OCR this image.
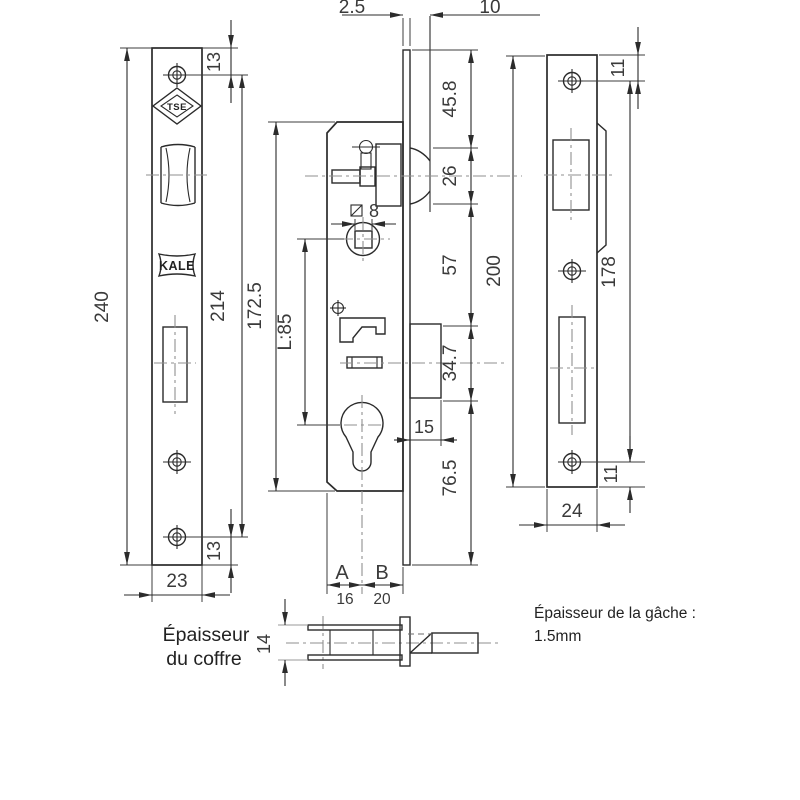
TSE
KALE
240
13
214
13
23
8
2.5	10
45.8
26
57
34.7
76.5
15
172.5
L:85
A B
16 20
200
11
178
11
24
14
Épaisseur
du coffre
Épaisseur de la gâche :
1.5mm
